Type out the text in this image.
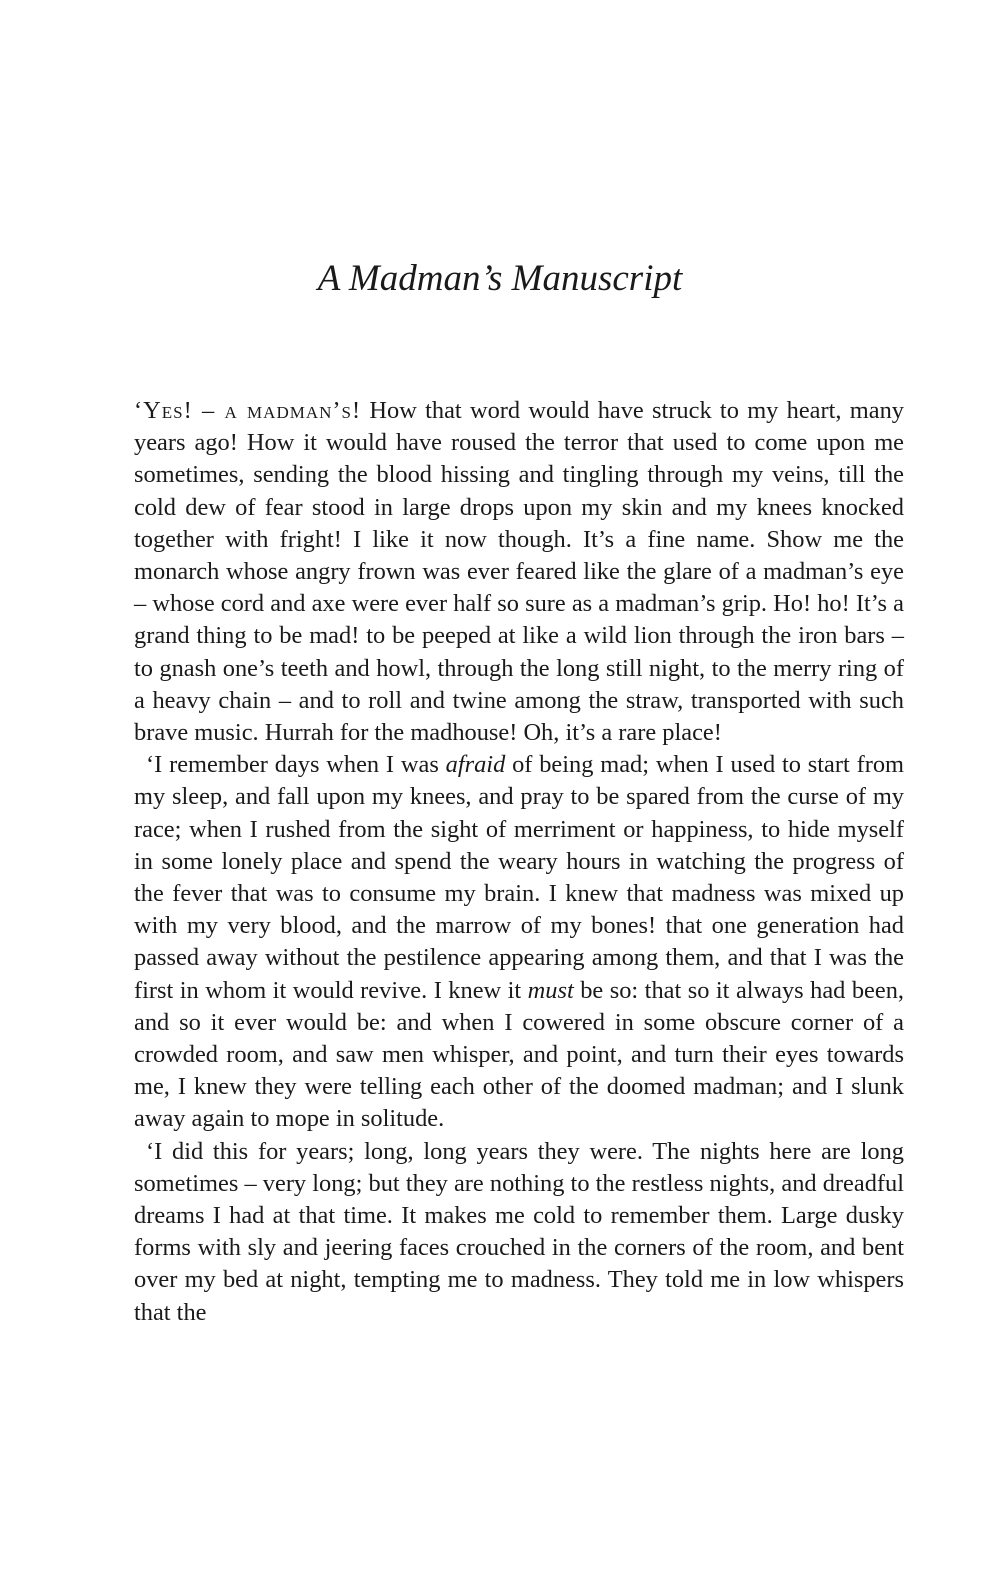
A Madman’s Manuscript

‘Yes! – a madman’s! How that word would have struck to my heart, many years ago! How it would have roused the terror that used to come upon me sometimes, sending the blood hissing and tingling through my veins, till the cold dew of fear stood in large drops upon my skin and my knees knocked together with fright! I like it now though. It’s a fine name. Show me the monarch whose angry frown was ever feared like the glare of a madman’s eye – whose cord and axe were ever half so sure as a madman’s grip. Ho! ho! It’s a grand thing to be mad! to be peeped at like a wild lion through the iron bars – to gnash one’s teeth and howl, through the long still night, to the merry ring of a heavy chain – and to roll and twine among the straw, transported with such brave music. Hurrah for the madhouse! Oh, it’s a rare place!

‘I remember days when I was afraid of being mad; when I used to start from my sleep, and fall upon my knees, and pray to be spared from the curse of my race; when I rushed from the sight of merriment or happiness, to hide myself in some lonely place and spend the weary hours in watching the progress of the fever that was to consume my brain. I knew that madness was mixed up with my very blood, and the marrow of my bones! that one generation had passed away without the pestilence appearing among them, and that I was the first in whom it would revive. I knew it must be so: that so it always had been, and so it ever would be: and when I cowered in some obscure corner of a crowded room, and saw men whisper, and point, and turn their eyes towards me, I knew they were telling each other of the doomed madman; and I slunk away again to mope in solitude.

‘I did this for years; long, long years they were. The nights here are long sometimes – very long; but they are nothing to the restless nights, and dreadful dreams I had at that time. It makes me cold to remember them. Large dusky forms with sly and jeering faces crouched in the corners of the room, and bent over my bed at night, tempting me to madness. They told me in low whispers that the
